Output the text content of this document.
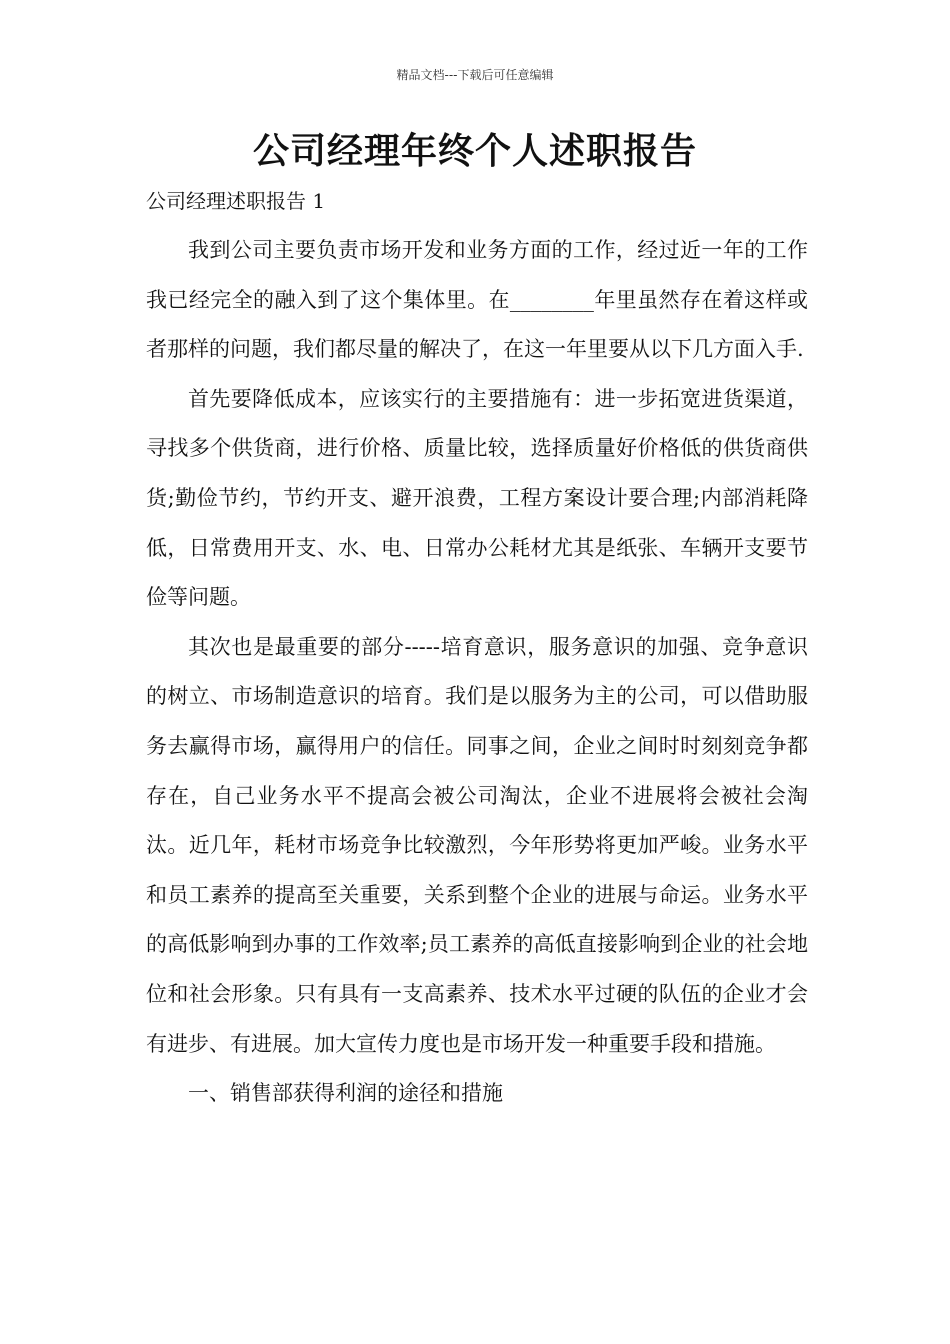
精品文档---下载后可任意编辑
公司经理年终个人述职报告
公司经理述职报告 1

我到公司主要负责市场开发和业务方面的工作，经过近一年的工作我已经完全的融入到了这个集体里。在________年里虽然存在着这样或者那样的问题，我们都尽量的解决了，在这一年里要从以下几方面入手.

首先要降低成本，应该实行的主要措施有：进一步拓宽进货渠道，寻找多个供货商，进行价格、质量比较，选择质量好价格低的供货商供货;勤俭节约，节约开支、避开浪费，工程方案设计要合理;内部消耗降低，日常费用开支、水、电、日常办公耗材尤其是纸张、车辆开支要节俭等问题。

其次也是最重要的部分-----培育意识，服务意识的加强、竞争意识的树立、市场制造意识的培育。我们是以服务为主的公司，可以借助服务去赢得市场，赢得用户的信任。同事之间，企业之间时时刻刻竞争都存在，自己业务水平不提高会被公司淘汰，企业不进展将会被社会淘汰。近几年，耗材市场竞争比较激烈，今年形势将更加严峻。业务水平和员工素养的提高至关重要，关系到整个企业的进展与命运。业务水平的高低影响到办事的工作效率;员工素养的高低直接影响到企业的社会地位和社会形象。只有具有一支高素养、技术水平过硬的队伍的企业才会有进步、有进展。加大宣传力度也是市场开发一种重要手段和措施。

一、销售部获得利润的途径和措施
